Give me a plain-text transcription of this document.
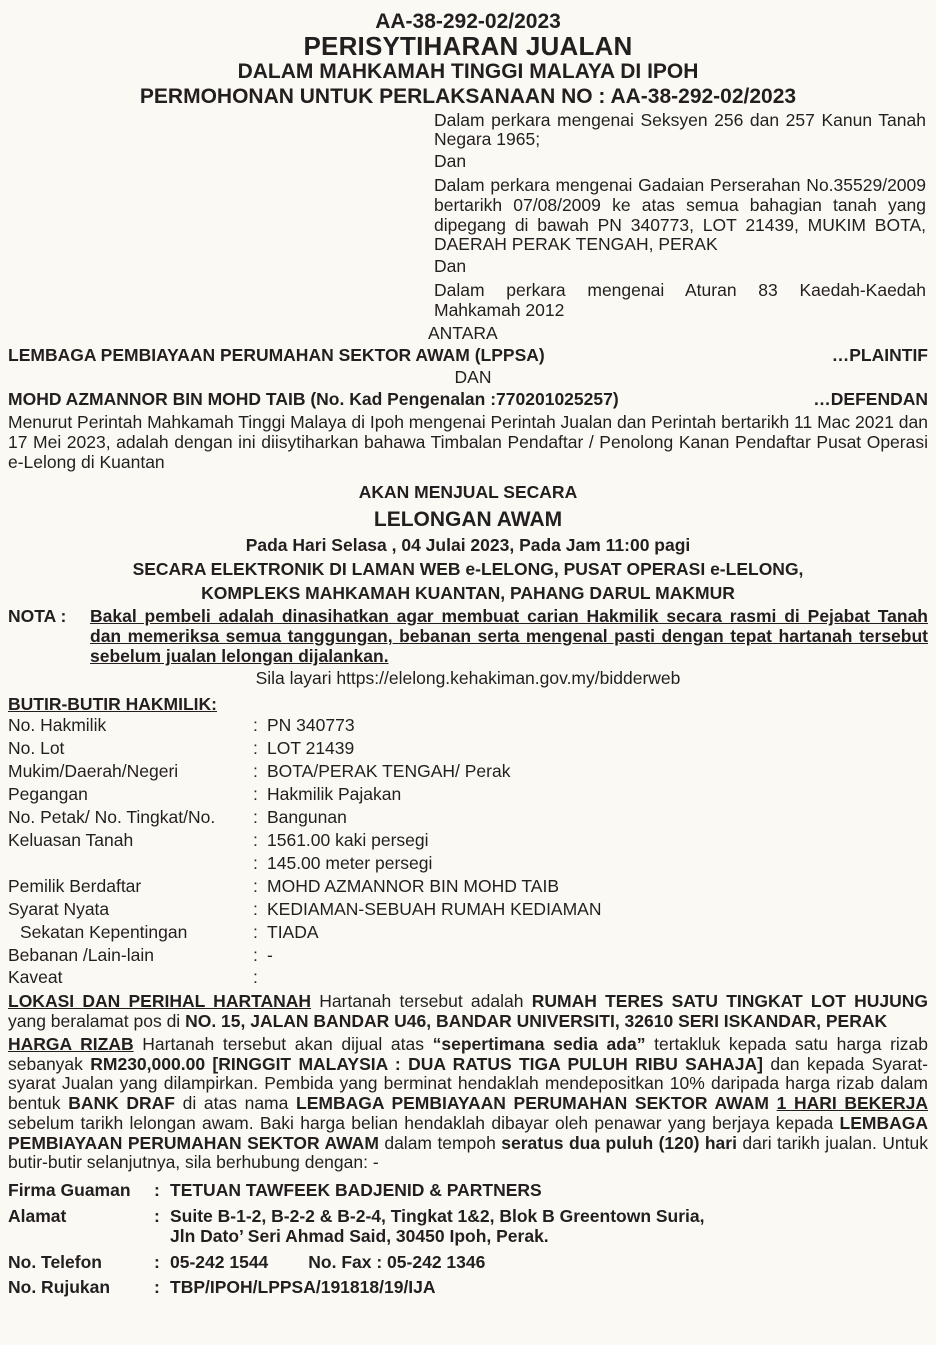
AA-38-292-02/2023
PERISYTIHARAN JUALAN
DALAM MAHKAMAH TINGGI MALAYA DI IPOH
PERMOHONAN UNTUK PERLAKSANAAN NO : AA-38-292-02/2023
Dalam perkara mengenai Seksyen 256 dan 257 Kanun Tanah Negara 1965;
Dan
Dalam perkara mengenai Gadaian Perserahan No.35529/2009 bertarikh 07/08/2009 ke atas semua bahagian tanah yang dipegang di bawah PN 340773, LOT 21439, MUKIM BOTA, DAERAH PERAK TENGAH, PERAK
Dan
Dalam perkara mengenai Aturan 83 Kaedah-Kaedah Mahkamah 2012
ANTARA
LEMBAGA PEMBIAYAAN PERUMAHAN SEKTOR AWAM (LPPSA)	…PLAINTIF
DAN
MOHD AZMANNOR BIN MOHD TAIB (No. Kad Pengenalan :770201025257)	…DEFENDAN
Menurut Perintah Mahkamah Tinggi Malaya di Ipoh mengenai Perintah Jualan dan Perintah bertarikh 11 Mac 2021 dan 17 Mei 2023, adalah dengan ini diisytiharkan bahawa Timbalan Pendaftar / Penolong Kanan Pendaftar Pusat Operasi e-Lelong di Kuantan
AKAN MENJUAL SECARA
LELONGAN AWAM
Pada Hari Selasa , 04 Julai 2023, Pada Jam 11:00 pagi
SECARA ELEKTRONIK DI LAMAN WEB e-LELONG, PUSAT OPERASI e-LELONG,
KOMPLEKS MAHKAMAH KUANTAN, PAHANG DARUL MAKMUR
NOTA :	Bakal pembeli adalah dinasihatkan agar membuat carian Hakmilik secara rasmi di Pejabat Tanah dan memeriksa semua tanggungan, bebanan serta mengenal pasti dengan tepat hartanah tersebut sebelum jualan lelongan dijalankan.
Sila layari https://elelong.kehakiman.gov.my/bidderweb
BUTIR-BUTIR HAKMILIK:
No. Hakmilik	: PN 340773
No. Lot	: LOT 21439
Mukim/Daerah/Negeri	: BOTA/PERAK TENGAH/ Perak
Pegangan	: Hakmilik Pajakan
No. Petak/ No. Tingkat/No.	: Bangunan
Keluasan Tanah	: 1561.00 kaki persegi
: 145.00 meter persegi
Pemilik Berdaftar	: MOHD AZMANNOR BIN MOHD TAIB
Syarat Nyata	: KEDIAMAN-SEBUAH RUMAH KEDIAMAN
Sekatan Kepentingan	: TIADA
Bebanan /Lain-lain	: -
Kaveat	:
LOKASI DAN PERIHAL HARTANAH Hartanah tersebut adalah RUMAH TERES SATU TINGKAT LOT HUJUNG yang beralamat pos di NO. 15, JALAN BANDAR U46, BANDAR UNIVERSITI, 32610 SERI ISKANDAR, PERAK
HARGA RIZAB Hartanah tersebut akan dijual atas “sepertimana sedia ada” tertakluk kepada satu harga rizab sebanyak RM230,000.00 [RINGGIT MALAYSIA : DUA RATUS TIGA PULUH RIBU SAHAJA] dan kepada Syarat-syarat Jualan yang dilampirkan. Pembida yang berminat hendaklah mendepositkan 10% daripada harga rizab dalam bentuk BANK DRAF di atas nama LEMBAGA PEMBIAYAAN PERUMAHAN SEKTOR AWAM 1 HARI BEKERJA sebelum tarikh lelongan awam. Baki harga belian hendaklah dibayar oleh penawar yang berjaya kepada LEMBAGA PEMBIAYAAN PERUMAHAN SEKTOR AWAM dalam tempoh seratus dua puluh (120) hari dari tarikh jualan. Untuk butir-butir selanjutnya, sila berhubung dengan: -
Firma Guaman	: TETUAN TAWFEEK BADJENID & PARTNERS
Alamat	: Suite B-1-2, B-2-2 & B-2-4, Tingkat 1&2, Blok B Greentown Suria,
Jln Dato’ Seri Ahmad Said, 30450 Ipoh, Perak.
No. Telefon	: 05-242 1544 No. Fax : 05-242 1346
No. Rujukan	: TBP/IPOH/LPPSA/191818/19/IJA
